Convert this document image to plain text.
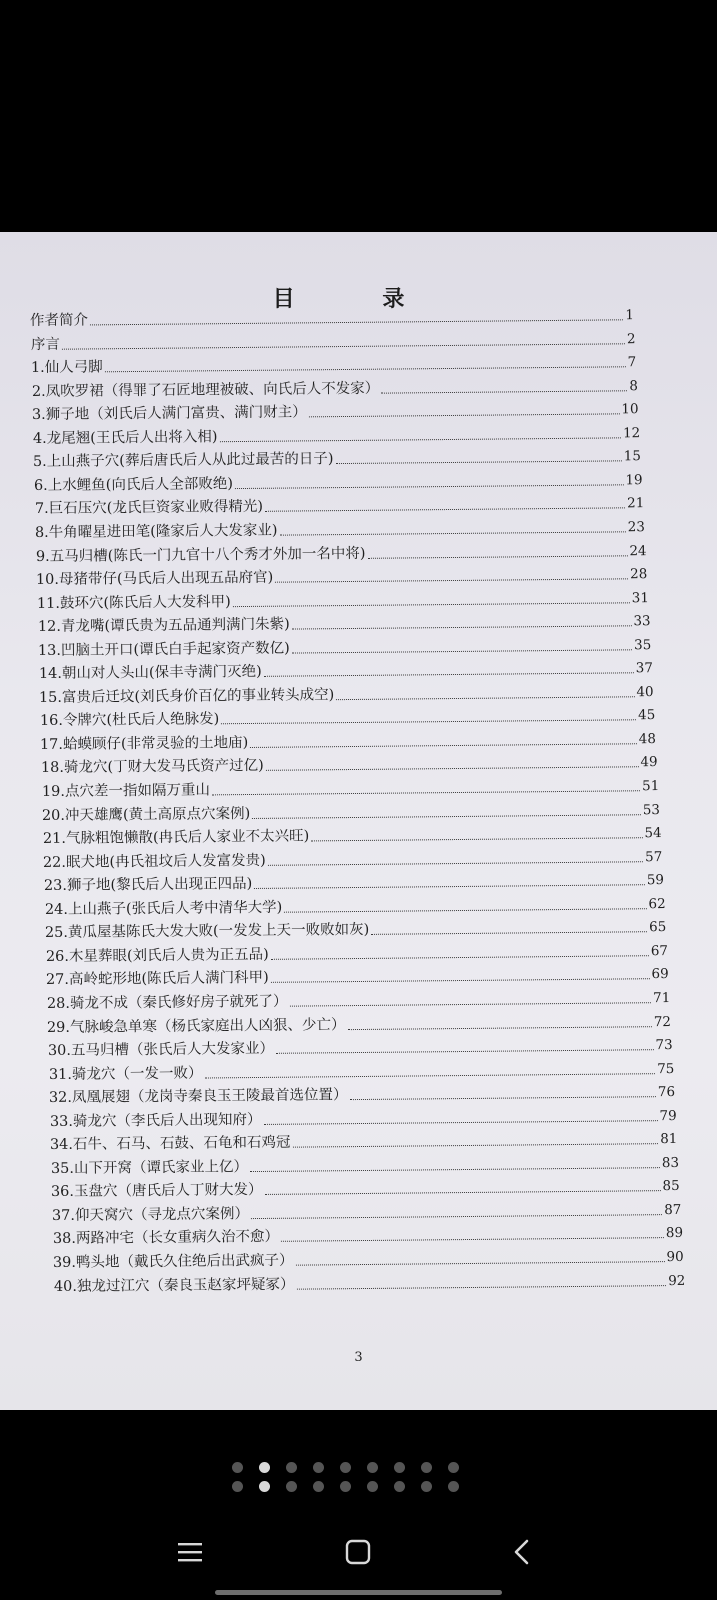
目 录
作者简介	1
序言	2
1.仙人弓脚	7
2.凤吹罗裙（得罪了石匠地理被破、向氏后人不发家）	8
3.狮子地（刘氏后人满门富贵、满门财主）	10
4.龙尾翘(王氏后人出将入相)	12
5.上山燕子穴(葬后唐氏后人从此过最苦的日子)	15
6.上水鲤鱼(向氏后人全部败绝)	19
7.巨石压穴(龙氏巨资家业败得精光)	21
8.牛角曜星进田笔(隆家后人大发家业)	23
9.五马归槽(陈氏一门九官十八个秀才外加一名中将)	24
10.母猪带仔(马氏后人出现五品府官)	28
11.鼓环穴(陈氏后人大发科甲)	31
12.青龙嘴(谭氏贵为五品通判满门朱紫)	33
13.凹脑土开口(谭氏白手起家资产数亿)	35
14.朝山对人头山(保丰寺满门灭绝)	37
15.富贵后迁坟(刘氏身价百亿的事业转头成空)	40
16.令牌穴(杜氏后人绝脉发)	45
17.蛤蟆顾仔(非常灵验的土地庙)	48
18.骑龙穴(丁财大发马氏资产过亿)	49
19.点穴差一指如隔万重山	51
20.冲天雄鹰(黄土高原点穴案例)	53
21.气脉粗饱懒散(冉氏后人家业不太兴旺)	54
22.眠犬地(冉氏祖坟后人发富发贵)	57
23.狮子地(黎氏后人出现正四品)	59
24.上山燕子(张氏后人考中清华大学)	62
25.黄瓜屋基陈氏大发大败(一发发上天一败败如灰)	65
26.木星葬眼(刘氏后人贵为正五品)	67
27.高岭蛇形地(陈氏后人满门科甲)	69
28.骑龙不成（秦氏修好房子就死了）	71
29.气脉峻急单寒（杨氏家庭出人凶狠、少亡）	72
30.五马归槽（张氏后人大发家业）	73
31.骑龙穴（一发一败）	75
32.凤凰展翅（龙岗寺秦良玉王陵最首选位置）	76
33.骑龙穴（李氏后人出现知府）	79
34.石牛、石马、石鼓、石龟和石鸡冠	81
35.山下开窝（谭氏家业上亿）	83
36.玉盘穴（唐氏后人丁财大发）	85
37.仰天窝穴（寻龙点穴案例）	87
38.两路冲宅（长女重病久治不愈）	89
39.鸭头地（戴氏久住绝后出武疯子）	90
40.独龙过江穴（秦良玉赵家坪疑冢）	92
3
